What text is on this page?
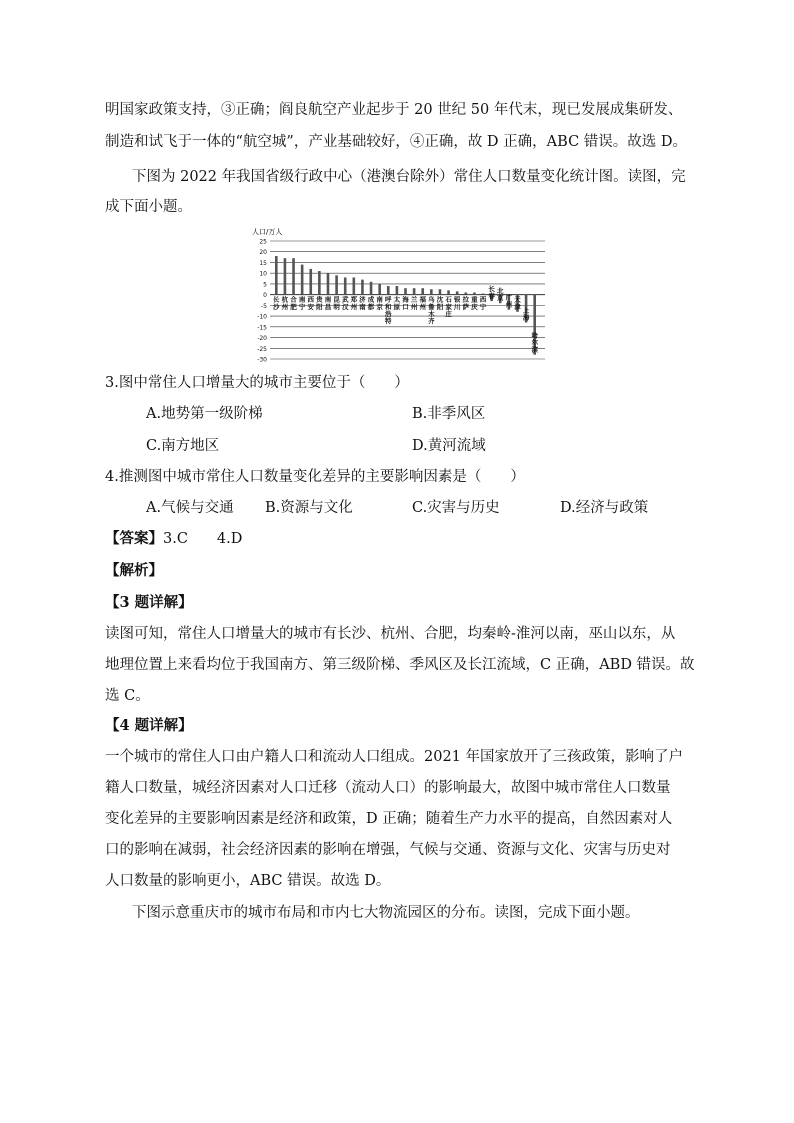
明国家政策支持，③正确；阎良航空产业起步于 20 世纪 50 年代末，现已发展成集研发、
制造和试飞于一体的“航空城”，产业基础较好，④正确，故 D 正确，ABC 错误。故选 D。
下图为 2022 年我国省级行政中心（港澳台除外）常住人口数量变化统计图。读图，完
成下面小题。
人口/万人
25
20
15
10
5
0
-5
-10
-15
-20
-25
-30
长沙
杭州
合肥
南宁
西安
贵阳
南昌
昆明
武汉
郑州
济南
成都
南京
呼和浩特
太原
海口
兰州
福州
乌鲁木齐
沈阳
石家庄
银川
拉萨
重庆
西宁
长春
北京 广州
天津 上海
哈尔滨
3.图中常住人口增量大的城市主要位于（　　）
A.地势第一级阶梯	B.非季风区
C.南方地区	D.黄河流域
4.推测图中城市常住人口数量变化差异的主要影响因素是（　　）
A.气候与交通 B.资源与文化	C.灾害与历史	D.经济与政策
【答案】3.C　　4.D
【解析】
【3 题详解】
读图可知，常住人口增量大的城市有长沙、杭州、合肥，均秦岭-淮河以南，巫山以东，从
地理位置上来看均位于我国南方、第三级阶梯、季风区及长江流域，C 正确，ABD 错误。故
选 C。
【4 题详解】
一个城市的常住人口由户籍人口和流动人口组成。2021 年国家放开了三孩政策，影响了户
籍人口数量，城经济因素对人口迁移（流动人口）的影响最大，故图中城市常住人口数量
变化差异的主要影响因素是经济和政策，D 正确；随着生产力水平的提高，自然因素对人
口的影响在减弱，社会经济因素的影响在增强，气候与交通、资源与文化、灾害与历史对
人口数量的影响更小，ABC 错误。故选 D。
下图示意重庆市的城市布局和市内七大物流园区的分布。读图，完成下面小题。
